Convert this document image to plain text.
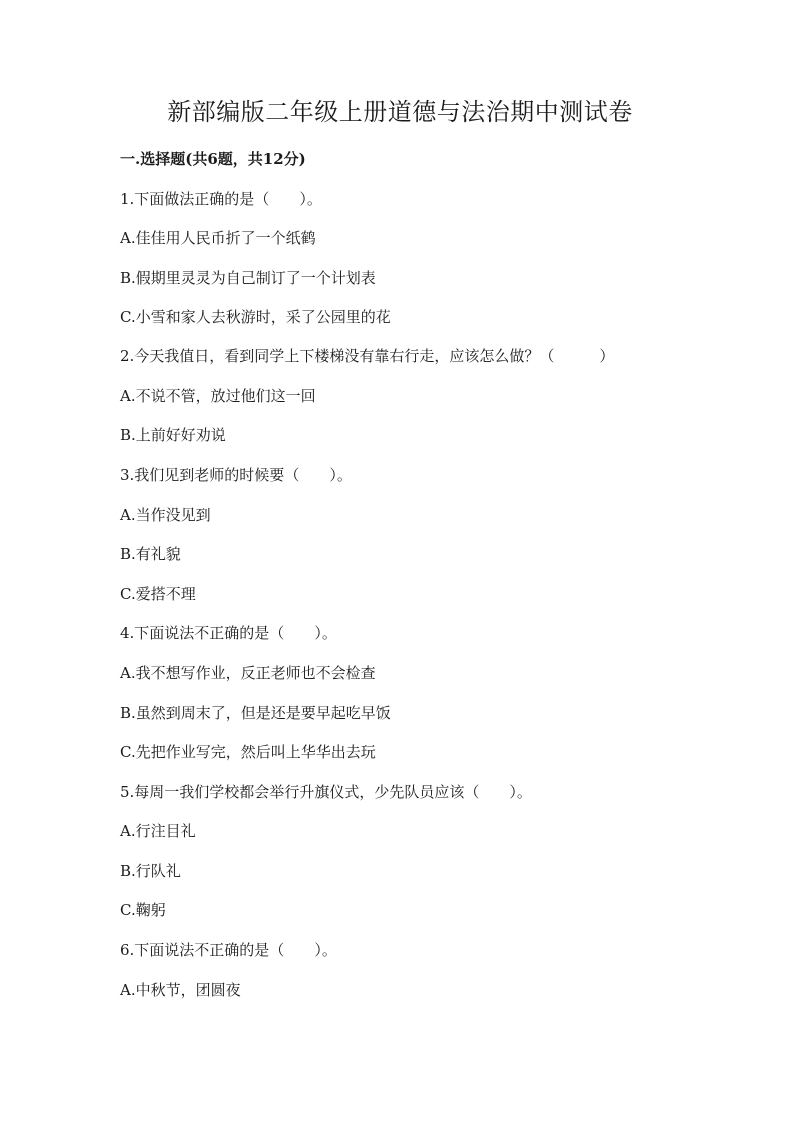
新部编版二年级上册道德与法治期中测试卷
一.选择题(共6题，共12分)
1.下面做法正确的是（　　）。
A.佳佳用人民币折了一个纸鹤
B.假期里灵灵为自己制订了一个计划表
C.小雪和家人去秋游时，采了公园里的花
2.今天我值日，看到同学上下楼梯没有靠右行走，应该怎么做？（　　　）
A.不说不管，放过他们这一回
B.上前好好劝说
3.我们见到老师的时候要（　　）。
A.当作没见到
B.有礼貌
C.爱搭不理
4.下面说法不正确的是（　　）。
A.我不想写作业，反正老师也不会检查
B.虽然到周末了，但是还是要早起吃早饭
C.先把作业写完，然后叫上华华出去玩
5.每周一我们学校都会举行升旗仪式，少先队员应该（　　）。
A.行注目礼
B.行队礼
C.鞠躬
6.下面说法不正确的是（　　）。
A.中秋节，团圆夜
